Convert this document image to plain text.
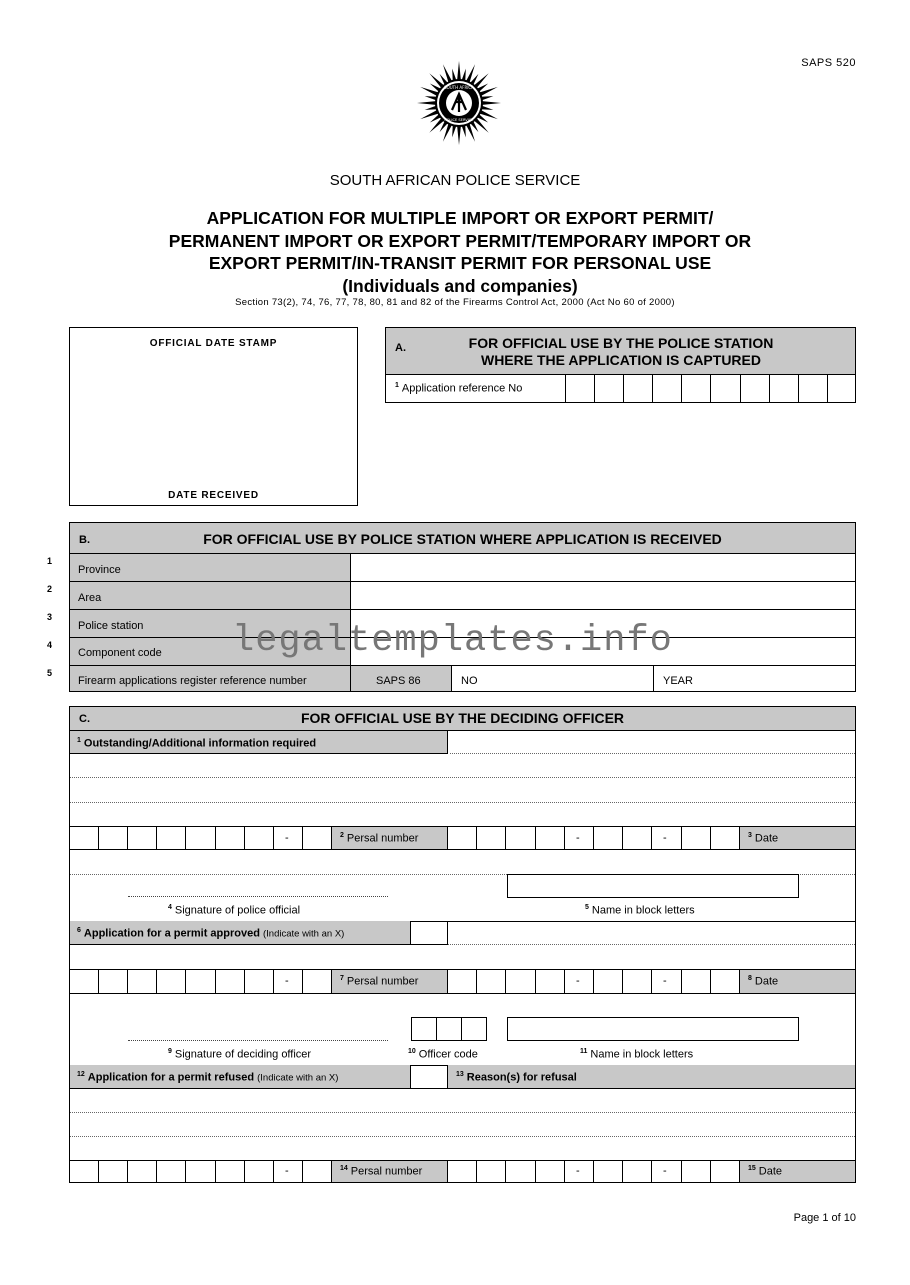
SAPS 520
SOUTH AFRICA
POLICE SERVICE
SOUTH AFRICAN POLICE SERVICE
APPLICATION FOR MULTIPLE IMPORT OR EXPORT PERMIT/
PERMANENT IMPORT OR EXPORT PERMIT/TEMPORARY IMPORT OR
EXPORT PERMIT/IN-TRANSIT PERMIT FOR PERSONAL USE
(Individuals and companies)
Section 73(2), 74, 76, 77, 78, 80, 81 and 82 of the Firearms Control Act, 2000 (Act No 60 of 2000)
OFFICIAL DATE STAMP
DATE RECEIVED
A.	FOR OFFICIAL USE BY THE POLICE STATION
WHERE THE APPLICATION IS CAPTURED
$^1$ Application reference No
1
2
3
4
5
B.	FOR OFFICIAL USE BY POLICE STATION WHERE APPLICATION IS RECEIVED
Province
Area
Police station
Component code
Firearm applications register reference number	SAPS 86	NO	YEAR
legaltemplates.info
C.	FOR OFFICIAL USE BY THE DECIDING OFFICER
$^1$ Outstanding/Additional information required
-	$^2$ Persal number	-	-	$^3$ Date
$^4$ Signature of police official	$^5$ Name in block letters
$^6$ Application for a permit approved (Indicate with an X)
-	$^7$ Persal number	-	-	$^8$ Date
$^9$ Signature of deciding officer	$^{10}$ Officer code	$^{11}$ Name in block letters
$^{12}$ Application for a permit refused (Indicate with an X)	$^{13}$ Reason(s) for refusal
-	$^{14}$ Persal number	-	-	$^{15}$ Date
Page 1 of 10
